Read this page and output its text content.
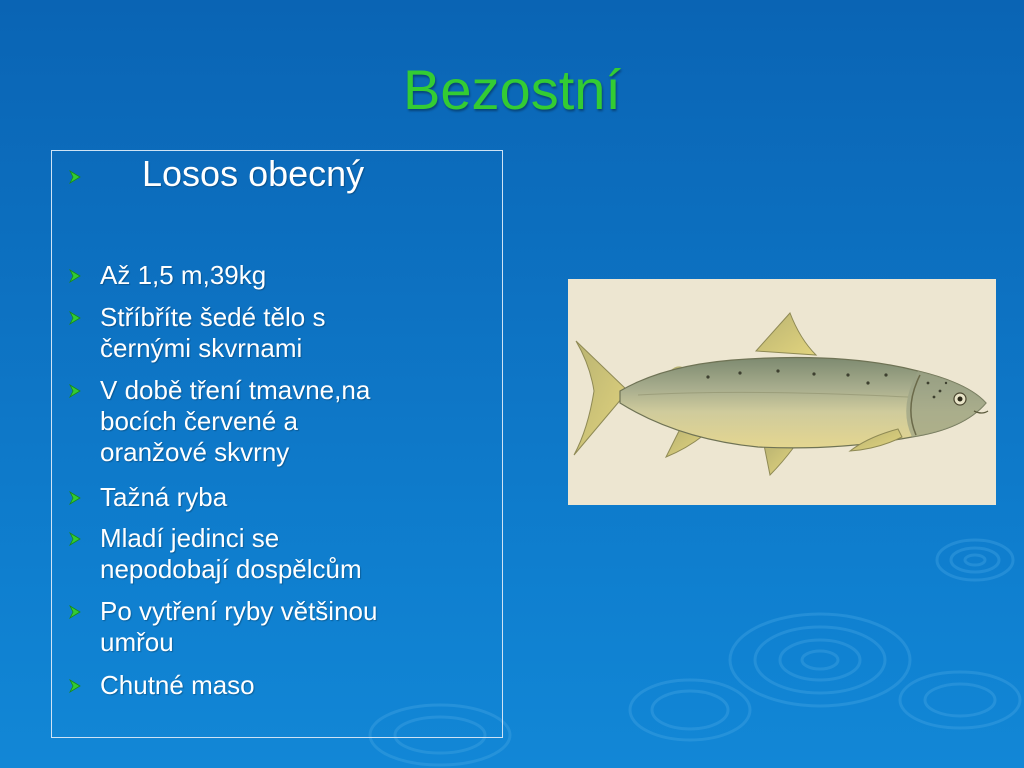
Bezostní
Losos obecný
Až 1,5 m,39kg
Stříbříte šedé tělo s
černými skvrnami
V době tření tmavne,na
bocích červené a
oranžové skvrny
Tažná ryba
Mladí jedinci se
nepodobají dospělcům
Po vytření ryby většinou
umřou
Chutné maso
